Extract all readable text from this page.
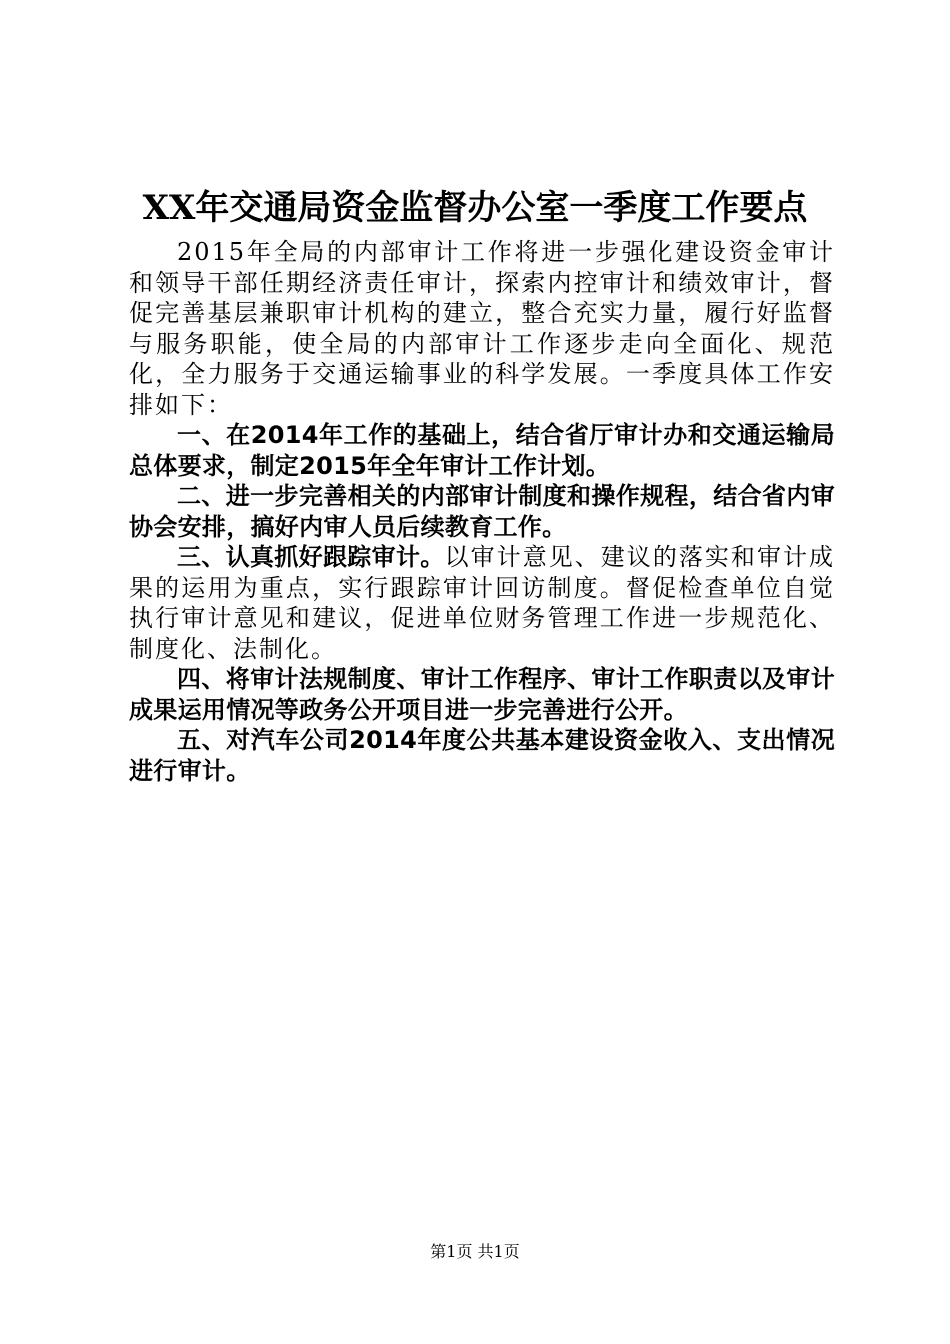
XX年交通局资金监督办公室一季度工作要点

2015年全局的内部审计工作将进一步强化建设资金审计和领导干部任期经济责任审计，探索内控审计和绩效审计，督促完善基层兼职审计机构的建立，整合充实力量，履行好监督与服务职能，使全局的内部审计工作逐步走向全面化、规范化，全力服务于交通运输事业的科学发展。一季度具体工作安排如下：

一、在2014年工作的基础上，结合省厅审计办和交通运输局总体要求，制定2015年全年审计工作计划。

二、进一步完善相关的内部审计制度和操作规程，结合省内审协会安排，搞好内审人员后续教育工作。

三、认真抓好跟踪审计。以审计意见、建议的落实和审计成果的运用为重点，实行跟踪审计回访制度。督促检查单位自觉执行审计意见和建议，促进单位财务管理工作进一步规范化、制度化、法制化。

四、将审计法规制度、审计工作程序、审计工作职责以及审计成果运用情况等政务公开项目进一步完善进行公开。

五、对汽车公司2014年度公共基本建设资金收入、支出情况进行审计。

第1页 共1页
